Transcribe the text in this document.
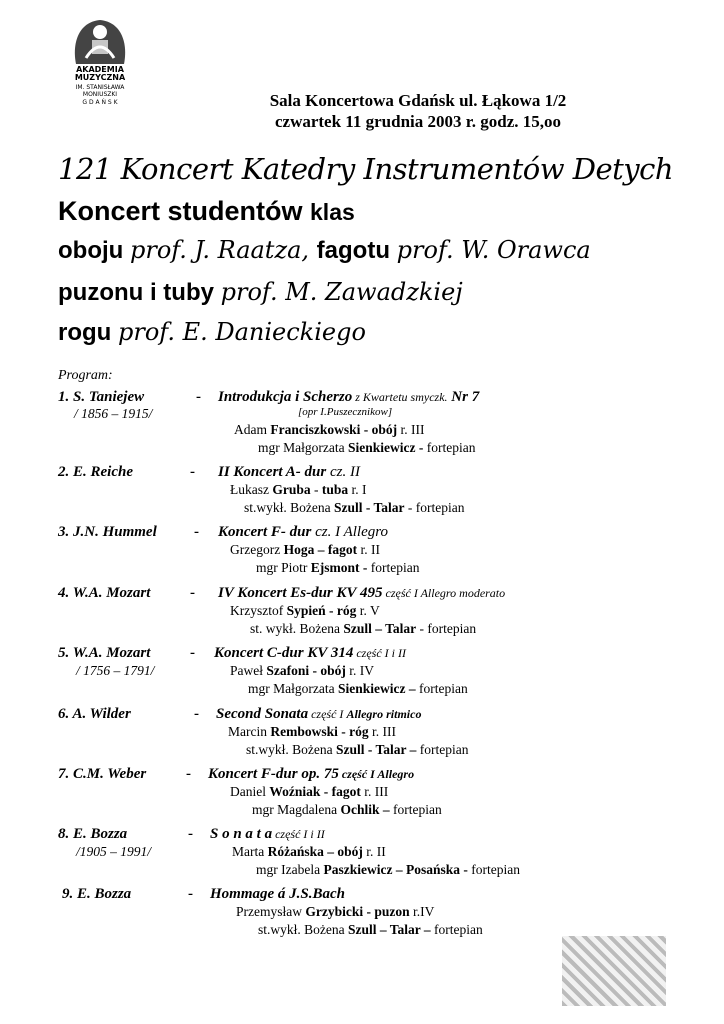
AKADEMIA
MUZYCZNA
IM. STANISŁAWA
MONIUSZKI
G D A Ń S K	Sala Koncertowa Gdańsk ul. Łąkowa 1/2
czwartek 11 grudnia 2003 r. godz. 15,oo
121 Koncert Katedry Instrumentów Detych
Koncert studentów klas
oboju prof. J. Raatza, fagotu prof. W. Orawca
puzonu i tuby prof. M. Zawadzkiej
rogu prof. E. Danieckiego
Program:
1. S. Taniejew
/ 1856 – 1915/
- Introdukcja i Scherzo z Kwartetu smyczk. Nr 7
[opr I.Puszecznikow]
Adam Franciszkowski - obój r. III
mgr Małgorzata Sienkiewicz - fortepian
2. E. Reiche	- II Koncert A- dur cz. II
Łukasz Gruba - tuba r. I
st.wykł. Bożena Szull - Talar - fortepian
3. J.N. Hummel - Koncert F- dur cz. I Allegro
Grzegorz Hoga – fagot r. II
mgr Piotr Ejsmont - fortepian
4. W.A. Mozart	- IV Koncert Es-dur KV 495 część I Allegro moderato
Krzysztof Sypień - róg r. V
st. wykł. Bożena Szull – Talar - fortepian
5. W.A. Mozart
/ 1756 – 1791/
- Koncert C-dur KV 314 część I i II
Paweł Szafoni - obój r. IV
mgr Małgorzata Sienkiewicz – fortepian
6. A. Wilder	- Second Sonata część I Allegro ritmico
Marcin Rembowski - róg r. III
st.wykł. Bożena Szull - Talar – fortepian
7. C.M. Weber	- Koncert F-dur op. 75 część I Allegro
Daniel Woźniak - fagot r. III
mgr Magdalena Ochlik – fortepian
8. E. Bozza
/1905 – 1991/
- S o n a t a część I i II
Marta Różańska – obój r. II
mgr Izabela Paszkiewicz – Posańska - fortepian
9. E. Bozza	- Hommage á J.S.Bach
Przemysław Grzybicki - puzon r.IV
st.wykł. Bożena Szull – Talar – fortepian
